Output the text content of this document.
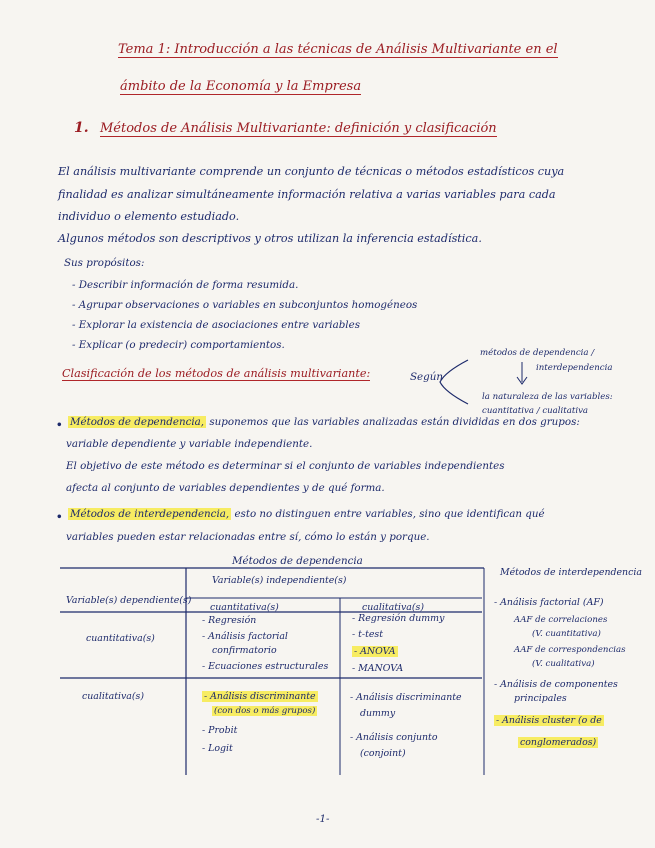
Tema 1: Introducción a las técnicas de Análisis Multivariante en el
ámbito de la Economía y la Empresa
1. Métodos de Análisis Multivariante: definición y clasificación
El análisis multivariante comprende un conjunto de técnicas o métodos estadísticos cuya
finalidad es analizar simultáneamente información relativa a varias variables para cada
individuo o elemento estudiado.
Algunos métodos son descriptivos y otros utilizan la inferencia estadística.
Sus propósitos:
- Describir información de forma resumida.
- Agrupar observaciones o variables en subconjuntos homogéneos
- Explorar la existencia de asociaciones entre variables
- Explicar (o predecir) comportamientos.
Clasificación de los métodos de análisis multivariante:	Según
métodos de dependencia /
interdependencia
la naturaleza de las variables:
cuantitativa / cualitativa
• Métodos de dependencia, suponemos que las variables analizadas están divididas en dos grupos:
variable dependiente y variable independiente.
El objetivo de este método es determinar si el conjunto de variables independientes
afecta al conjunto de variables dependientes y de qué forma.
• Métodos de interdependencia, esto no distinguen entre variables, sino que identifican qué
variables pueden estar relacionadas entre sí, cómo lo están y porque.
Métodos de dependencia
Variable(s) dependiente(s)
Variable(s) independiente(s)
cuantitativa(s)	cualitativa(s)
cuantitativa(s)
cualitativa(s)
- Regresión
- Análisis factorial
confirmatorio
- Ecuaciones estructurales
- Regresión dummy
- t-test
- ANOVA
- MANOVA
- Análisis discriminante
(con dos o más grupos)
- Probit
- Logit
- Análisis discriminante
dummy
- Análisis conjunto
(conjoint)
Métodos de interdependencia
- Análisis factorial (AF)
AAF de correlaciones
(V. cuantitativa)
AAF de correspondencias
(V. cualitativa)
- Análisis de componentes
principales
- Análisis cluster (o de
conglomerados)
-1-
